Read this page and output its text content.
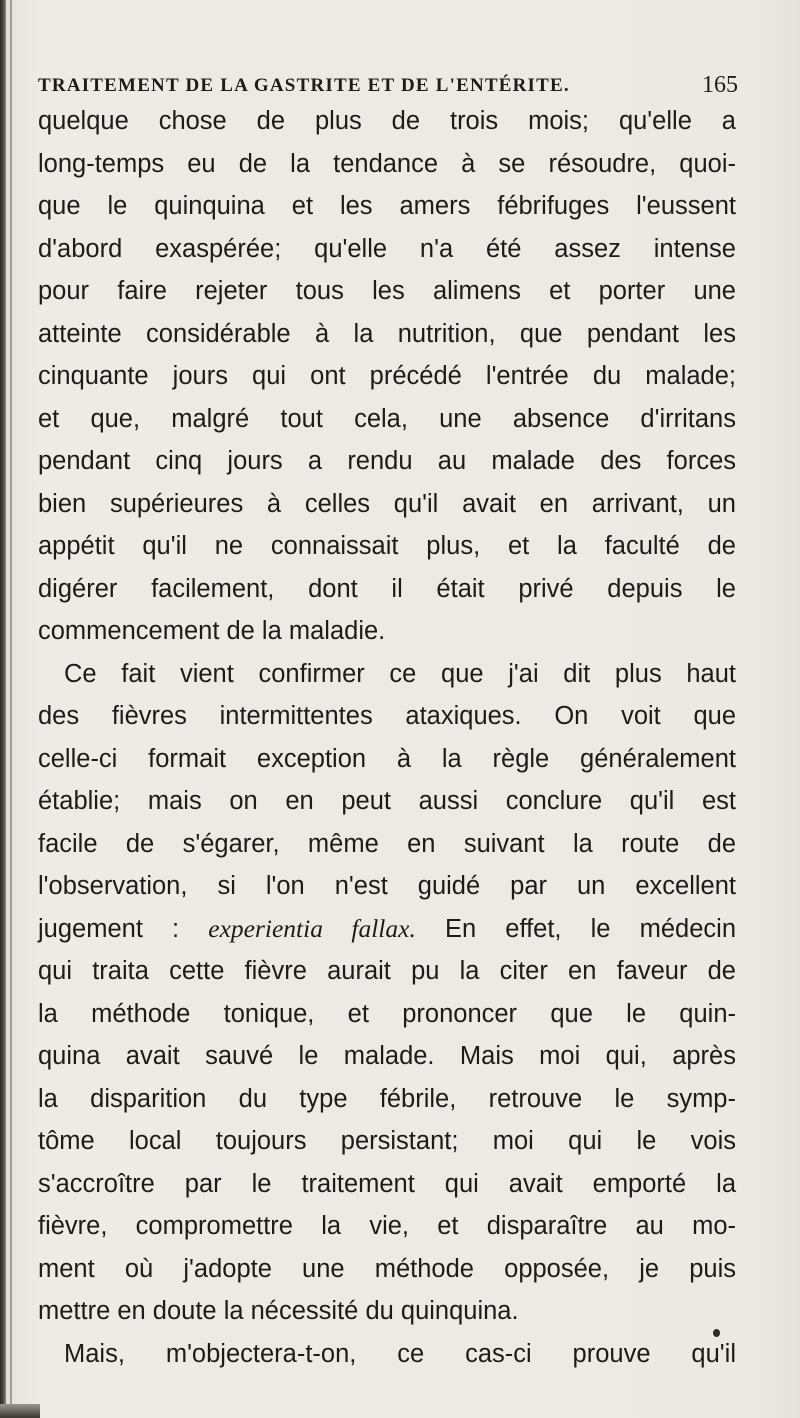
TRAITEMENT DE LA GASTRITE ET DE L'ENTÉRITE.	165
quelque chose de plus de trois mois; qu'elle a
long-temps eu de la tendance à se résoudre, quoi-
que le quinquina et les amers fébrifuges l'eussent
d'abord exaspérée; qu'elle n'a été assez intense
pour faire rejeter tous les alimens et porter une
atteinte considérable à la nutrition, que pendant les
cinquante jours qui ont précédé l'entrée du malade;
et que, malgré tout cela, une absence d'irritans
pendant cinq jours a rendu au malade des forces
bien supérieures à celles qu'il avait en arrivant, un
appétit qu'il ne connaissait plus, et la faculté de
digérer facilement, dont il était privé depuis le
commencement de la maladie.
Ce fait vient confirmer ce que j'ai dit plus haut
des fièvres intermittentes ataxiques. On voit que
celle-ci formait exception à la règle généralement
établie; mais on en peut aussi conclure qu'il est
facile de s'égarer, même en suivant la route de
l'observation, si l'on n'est guidé par un excellent
jugement : experientia fallax. En effet, le médecin
qui traita cette fièvre aurait pu la citer en faveur de
la méthode tonique, et prononcer que le quin-
quina avait sauvé le malade. Mais moi qui, après
la disparition du type fébrile, retrouve le symp-
tôme local toujours persistant; moi qui le vois
s'accroître par le traitement qui avait emporté la
fièvre, compromettre la vie, et disparaître au mo-
ment où j'adopte une méthode opposée, je puis
mettre en doute la nécessité du quinquina.
Mais, m'objectera-t-on, ce cas-ci prouve qu'il
